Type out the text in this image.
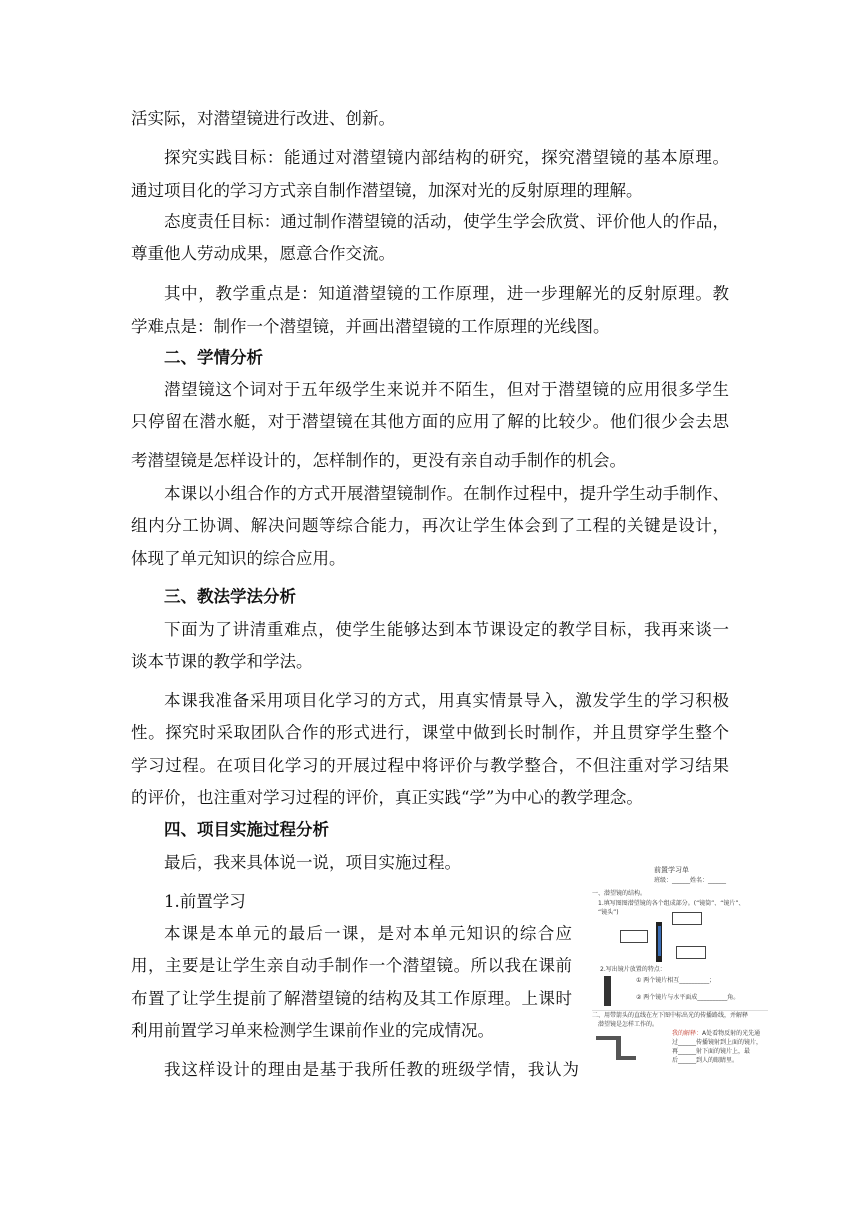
活实际，对潜望镜进行改进、创新。
探究实践目标：能通过对潜望镜内部结构的研究，探究潜望镜的基本原理。
通过项目化的学习方式亲自制作潜望镜，加深对光的反射原理的理解。
态度责任目标：通过制作潜望镜的活动，使学生学会欣赏、评价他人的作品，
尊重他人劳动成果，愿意合作交流。
其中，教学重点是：知道潜望镜的工作原理，进一步理解光的反射原理。教
学难点是：制作一个潜望镜，并画出潜望镜的工作原理的光线图。
二、学情分析
潜望镜这个词对于五年级学生来说并不陌生，但对于潜望镜的应用很多学生
只停留在潜水艇，对于潜望镜在其他方面的应用了解的比较少。他们很少会去思
考潜望镜是怎样设计的，怎样制作的，更没有亲自动手制作的机会。
本课以小组合作的方式开展潜望镜制作。在制作过程中，提升学生动手制作、
组内分工协调、解决问题等综合能力，再次让学生体会到了工程的关键是设计，
体现了单元知识的综合应用。
三、教法学法分析
下面为了讲清重难点，使学生能够达到本节课设定的教学目标，我再来谈一
谈本节课的教学和学法。
本课我准备采用项目化学习的方式，用真实情景导入，激发学生的学习积极
性。探究时采取团队合作的形式进行，课堂中做到长时制作，并且贯穿学生整个
学习过程。在项目化学习的开展过程中将评价与教学整合，不但注重对学习结果
的评价，也注重对学习过程的评价，真正实践“学”为中心的教学理念。
四、项目实施过程分析
最后，我来具体说一说，项目实施过程。
1.前置学习
本课是本单元的最后一课，是对本单元知识的综合应
用，主要是让学生亲自动手制作一个潜望镜。所以我在课前
布置了让学生提前了解潜望镜的结构及其工作原理。上课时
利用前置学习单来检测学生课前作业的完成情况。
我这样设计的理由是基于我所任教的班级学情，我认为
前置学习单
班级：______姓名：______
一、潜望镜的结构。
1.填写图图潜望镜的各个组成部分。(“镜筒”、“镜片”、
“镜头”)
2.写出镜片放置的特点：
① 两个镜片相互__________；
② 两个镜片与水平面成__________角。
二、用带箭头的直线在左下图中标出光的传播路线，并解释
潜望镜是怎样工作的。
我的解释： A处看物反射的光先通
过______传播镜射到上面的镜片，
再______射下面的镜片上，最
后______到人的眼睛里。
